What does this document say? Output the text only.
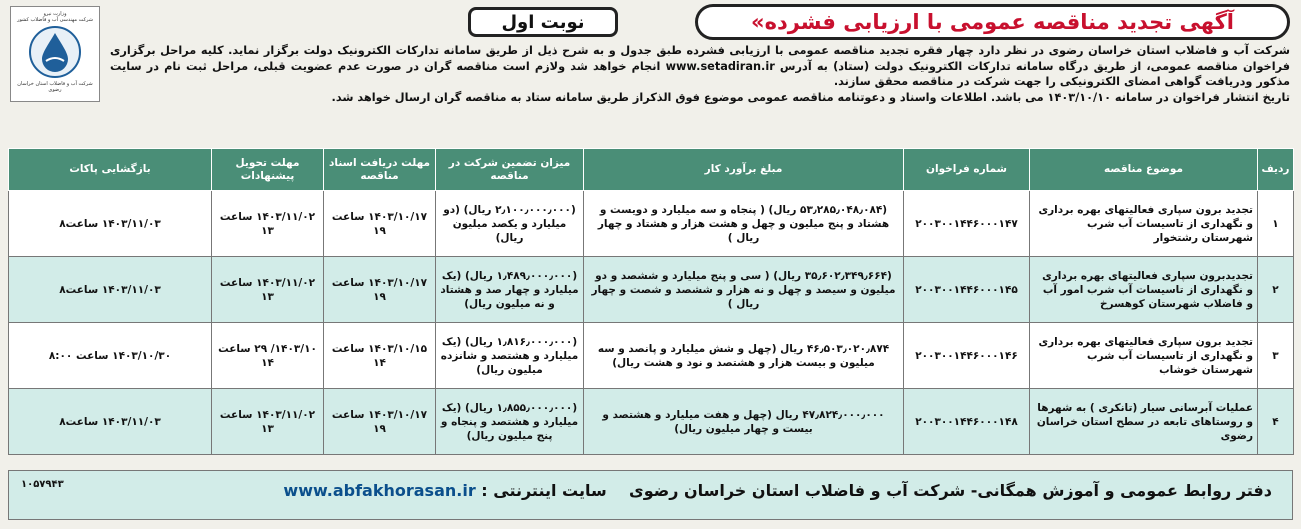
وزارت نیرو
شرکت مهندسی آب و فاضلاب کشور
شرکت آب و فاضلاب استان خراسان رضوی
آگهی تجدید مناقصه عمومی با ارزیابی فشرده»
نوبت اول

شرکت آب و فاضلاب استان خراسان رضوی در نظر دارد چهار فقره تجدید مناقصه عمومی با ارزیابی فشرده طبق جدول و به شرح ذیل از طریق سامانه تدارکات الکترونیک دولت برگزار نماید. کلیه مراحل برگزاری فراخوان مناقصه عمومی، از طریق درگاه سامانه تدارکات الکترونیک دولت (ستاد) به آدرس www.setadiran.ir انجام خواهد شد ولازم است مناقصه گران در صورت عدم عضویت قبلی، مراحل ثبت نام در سایت مذکور ودریافت گواهی امضای الکترونیکی را جهت شرکت در مناقصه محقق سازند.

تاریخ انتشار فراخوان در سامانه ۱۴۰۳/۱۰/۱۰ می باشد. اطلاعات واسناد و دعوتنامه مناقصه عمومی موضوع فوق الذکراز طریق سامانه ستاد به مناقصه گران ارسال خواهد شد.

ردیف	موضوع مناقصه	شماره فراخوان	مبلغ برآورد کار	میزان تضمین شرکت در مناقصه	مهلت دریافت اسناد مناقصه	مهلت تحویل پیشنهادات	بازگشایی پاکات
۱	تجدید برون سپاری فعالیتهای بهره برداری و نگهداری از تاسیسات آب شرب شهرستان رشتخوار	۲۰۰۳۰۰۱۴۴۶۰۰۰۱۴۷	(۵۳٫۲۸۵٫۰۴۸٫۰۸۴ ریال) ( پنجاه و سه میلیارد و دویست و هشتاد و پنج میلیون و چهل و هشت هزار و هشتاد و چهار ریال )	(۲٫۱۰۰٫۰۰۰٫۰۰۰ ریال) (دو میلیارد و یکصد میلیون ریال)	۱۴۰۳/۱۰/۱۷ ساعت ۱۹	۱۴۰۳/۱۱/۰۲ ساعت ۱۳	۱۴۰۳/۱۱/۰۳ ساعت۸
۲	تجدیدبرون سپاری فعالیتهای بهره برداری و نگهداری از تاسیسات آب شرب امور آب و فاضلاب شهرستان کوهسرخ	۲۰۰۳۰۰۱۴۴۶۰۰۰۱۴۵	(۳۵٫۶۰۲٫۳۴۹٫۶۶۴ ریال) ( سی و پنج میلیارد و ششصد و دو میلیون و سیصد و چهل و نه هزار و ششصد و شصت و چهار ریال )	(۱٫۴۸۹٫۰۰۰٫۰۰۰ ریال) (یک میلیارد و چهار صد و هشتاد و نه میلیون ریال)	۱۴۰۳/۱۰/۱۷ ساعت ۱۹	۱۴۰۳/۱۱/۰۲ ساعت ۱۳	۱۴۰۳/۱۱/۰۳ ساعت۸
۳	تجدید برون سپاری فعالیتهای بهره برداری و نگهداری از تاسیسات آب شرب شهرستان خوشاب	۲۰۰۳۰۰۱۴۴۶۰۰۰۱۴۶	۴۶٫۵۰۳٫۰۲۰٫۸۷۴ ریال (چهل و شش میلیارد و پانصد و سه میلیون و بیست هزار و هشتصد و نود و هشت ریال)	(۱٫۸۱۶٫۰۰۰٫۰۰۰ ریال) (یک میلیارد و هشتصد و شانزده میلیون ریال)	۱۴۰۳/۱۰/۱۵ ساعت ۱۴	۱۴۰۳/۱۰/ ۲۹ ساعت ۱۴	۱۴۰۳/۱۰/۳۰ ساعت ۸:۰۰
۴	عملیات آبرسانی سیار (تانکری ) به شهرها و روستاهای تابعه در سطح استان خراسان رضوی	۲۰۰۳۰۰۱۴۴۶۰۰۰۱۴۸	۴۷٫۸۲۴٫۰۰۰٫۰۰۰ ریال (چهل و هفت میلیارد و هشتصد و بیست و چهار میلیون ریال)	(۱٫۸۵۵٫۰۰۰٫۰۰۰ ریال) (یک میلیارد و هشتصد و پنجاه و پنج میلیون ریال)	۱۴۰۳/۱۰/۱۷ ساعت ۱۹	۱۴۰۳/۱۱/۰۲ ساعت ۱۳	۱۴۰۳/۱۱/۰۳ ساعت۸
دفتر روابط عمومی و آموزش همگانی- شرکت آب و فاضلاب استان خراسان رضوی    سایت اینترنتی : www.abfakhorasan.ir
۱۰۵۷۹۴۳
